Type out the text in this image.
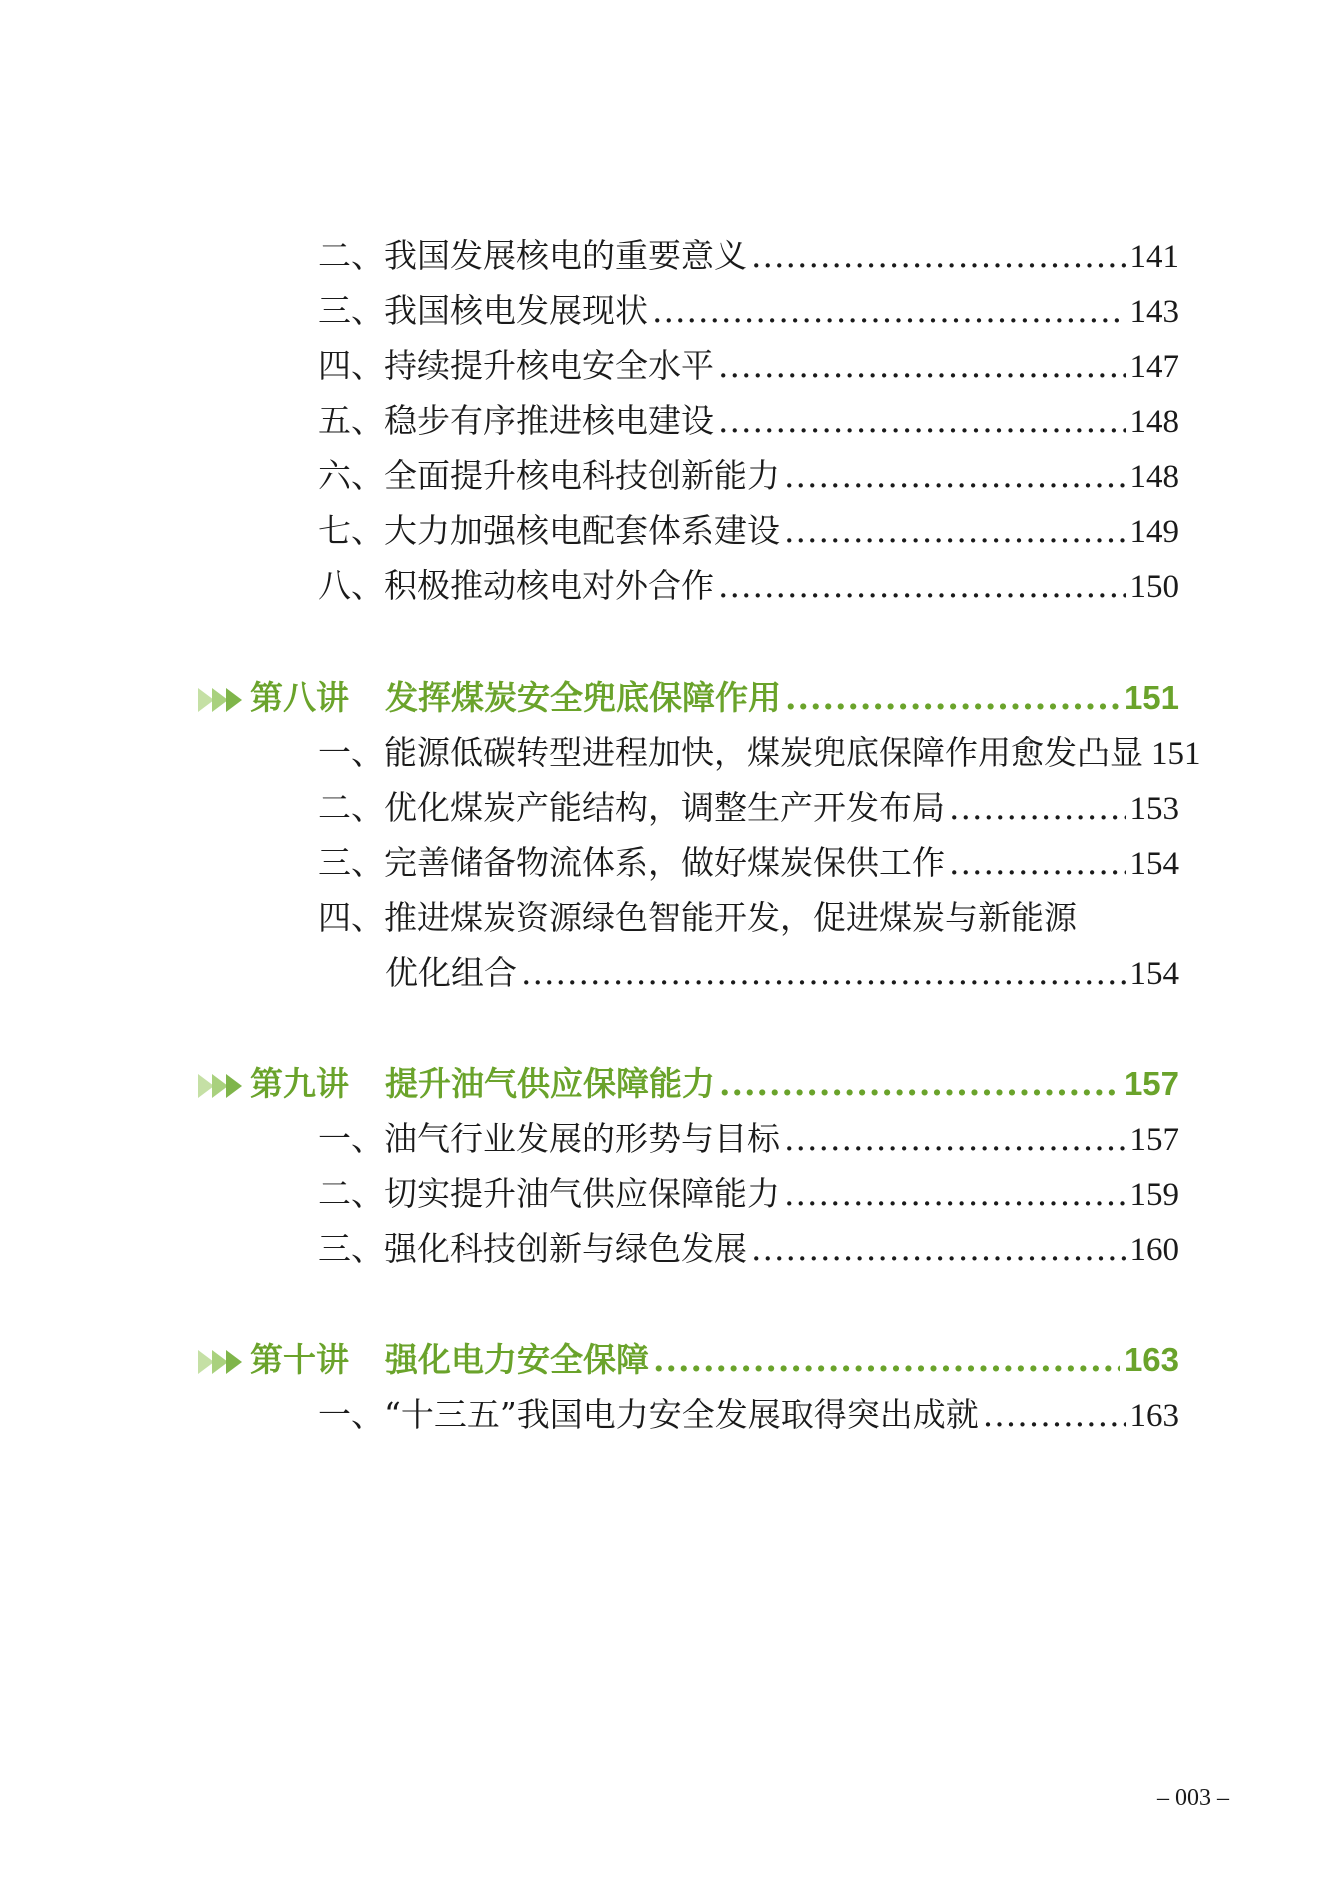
二、我国发展核电的重要意义 .....	141
三、我国核电发展现状 .....	143
四、持续提升核电安全水平 .....	147
五、稳步有序推进核电建设 .....	148
六、全面提升核电科技创新能力 .....	148
七、大力加强核电配套体系建设 .....	149
八、积极推动核电对外合作 .....	150
第八讲	发挥煤炭安全兜底保障作用 .....	151
一、能源低碳转型进程加快，煤炭兜底保障作用愈发凸显 151
二、优化煤炭产能结构，调整生产开发布局 .....	153
三、完善储备物流体系，做好煤炭保供工作 .....	154
四、推进煤炭资源绿色智能开发，促进煤炭与新能源
优化组合 .....	154
第九讲	提升油气供应保障能力 .....	157
一、油气行业发展的形势与目标 .....	157
二、切实提升油气供应保障能力 .....	159
三、强化科技创新与绿色发展 .....	160
第十讲	强化电力安全保障 .....	163
一、“十三五”我国电力安全发展取得突出成就 .....	163
– 003 –
